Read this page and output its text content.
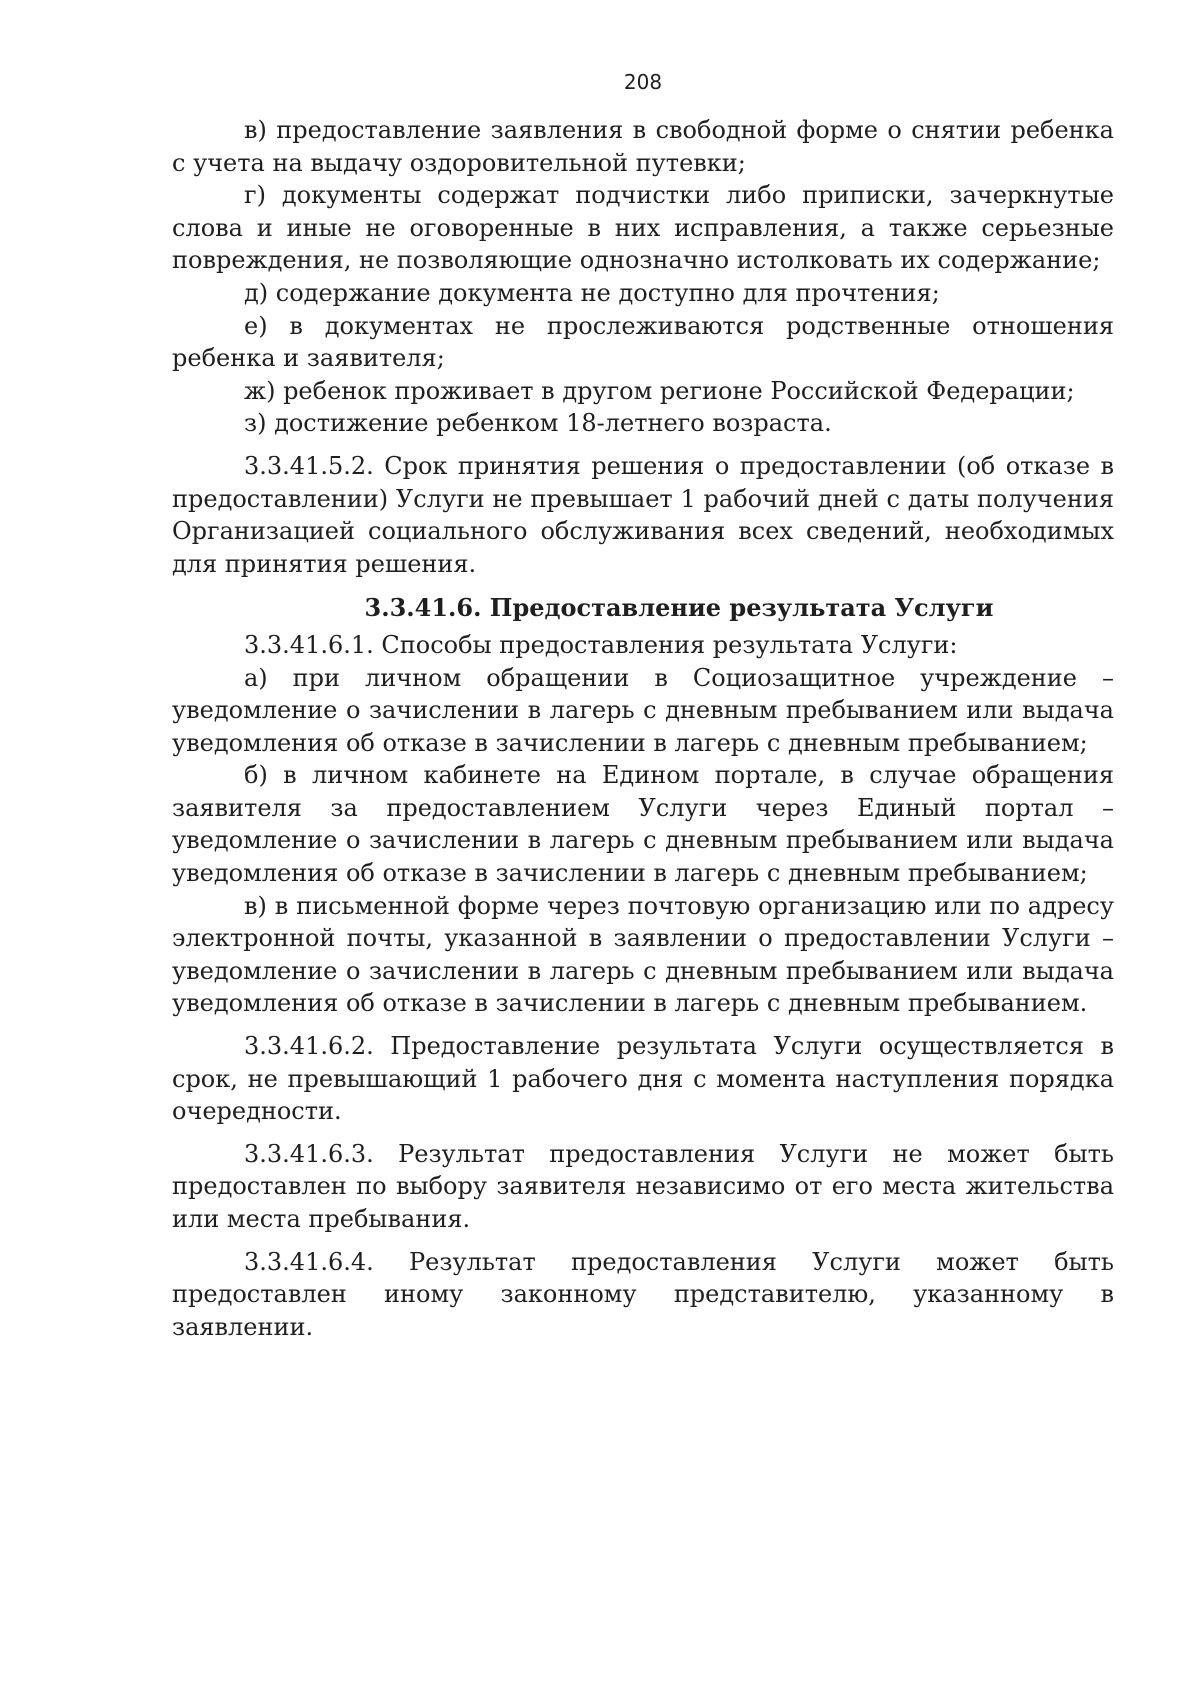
208

в) предоставление заявления в свободной форме о снятии ребенка с учета на выдачу оздоровительной путевки;

г) документы содержат подчистки либо приписки, зачеркнутые слова и иные не оговоренные в них исправления, а также серьезные повреждения, не позволяющие однозначно истолковать их содержание;

д) содержание документа не доступно для прочтения;

е) в документах не прослеживаются родственные отношения ребенка и заявителя;

ж) ребенок проживает в другом регионе Российской Федерации;

з) достижение ребенком 18-летнего возраста.

3.3.41.5.2. Срок принятия решения о предоставлении (об отказе в предоставлении) Услуги не превышает 1 рабочий дней с даты получения Организацией социального обслуживания всех сведений, необходимых для принятия решения.

3.3.41.6. Предоставление результата Услуги

3.3.41.6.1. Способы предоставления результата Услуги:

а) при личном обращении в Социозащитное учреждение – уведомление о зачислении в лагерь с дневным пребыванием или выдача уведомления об отказе в зачислении в лагерь с дневным пребыванием;

б) в личном кабинете на Едином портале, в случае обращения заявителя за предоставлением Услуги через Единый портал – уведомление о зачислении в лагерь с дневным пребыванием или выдача уведомления об отказе в зачислении в лагерь с дневным пребыванием;

в) в письменной форме через почтовую организацию или по адресу электронной почты, указанной в заявлении о предоставлении Услуги – уведомление о зачислении в лагерь с дневным пребыванием или выдача уведомления об отказе в зачислении в лагерь с дневным пребыванием.

3.3.41.6.2. Предоставление результата Услуги осуществляется в срок, не превышающий 1 рабочего дня с момента наступления порядка очередности.

3.3.41.6.3. Результат предоставления Услуги не может быть предоставлен по выбору заявителя независимо от его места жительства или места пребывания.

3.3.41.6.4. Результат предоставления Услуги может быть предоставлен иному законному представителю, указанному в заявлении.
